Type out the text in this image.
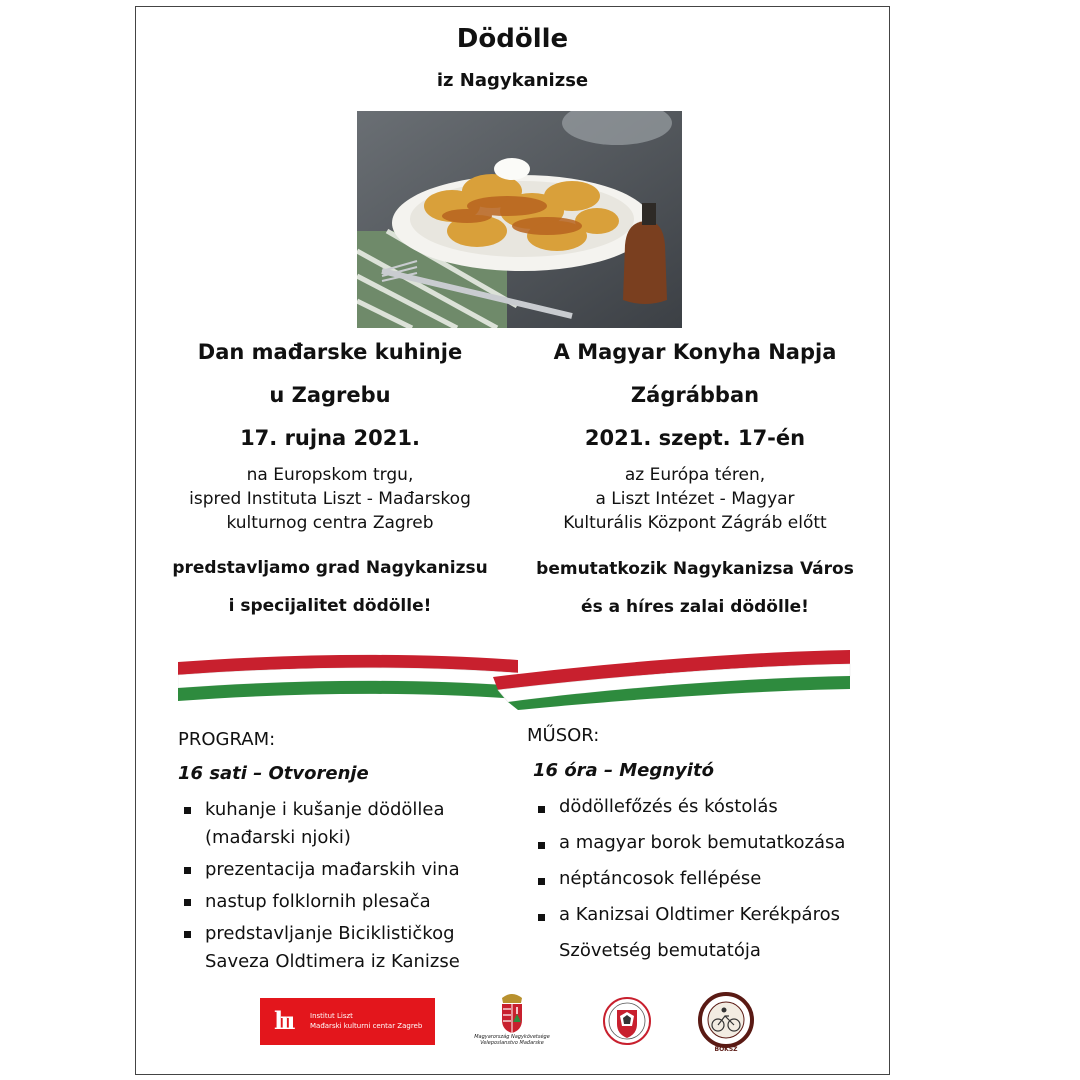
Dödölle
iz Nagykanizse
Dan mađarske kuhinje
u Zagrebu
17. rujna 2021.
na Europskom trgu,
ispred Instituta Liszt - Mađarskog
kulturnog centra Zagreb
predstavljamo grad Nagykanizsu
i specijalitet dödölle!
A Magyar Konyha Napja
Zágrábban
2021. szept. 17-én
az Európa téren,
a Liszt Intézet - Magyar
Kulturális Központ Zágráb előtt
bemutatkozik Nagykanizsa Város
és a híres zalai dödölle!
PROGRAM:
16 sati – Otvorenje
kuhanje i kušanje dödöllea
(mađarski njoki)
prezentacija mađarskih vina
nastup folklornih plesača
predstavljanje Biciklističkog
Saveza Oldtimera iz Kanizse
MŰSOR:
16 óra – Megnyitó
dödöllefőzés és kóstolás
a magyar borok bemutatkozása
néptáncosok fellépése
a Kanizsai Oldtimer Kerékpáros
Szövetség bemutatója
lıı	Institut Liszt
Mađarski kulturni centar Zagreb
Magyarország Nagykövetsége
Veleposlanstvo Mađarske
BOKSZ
